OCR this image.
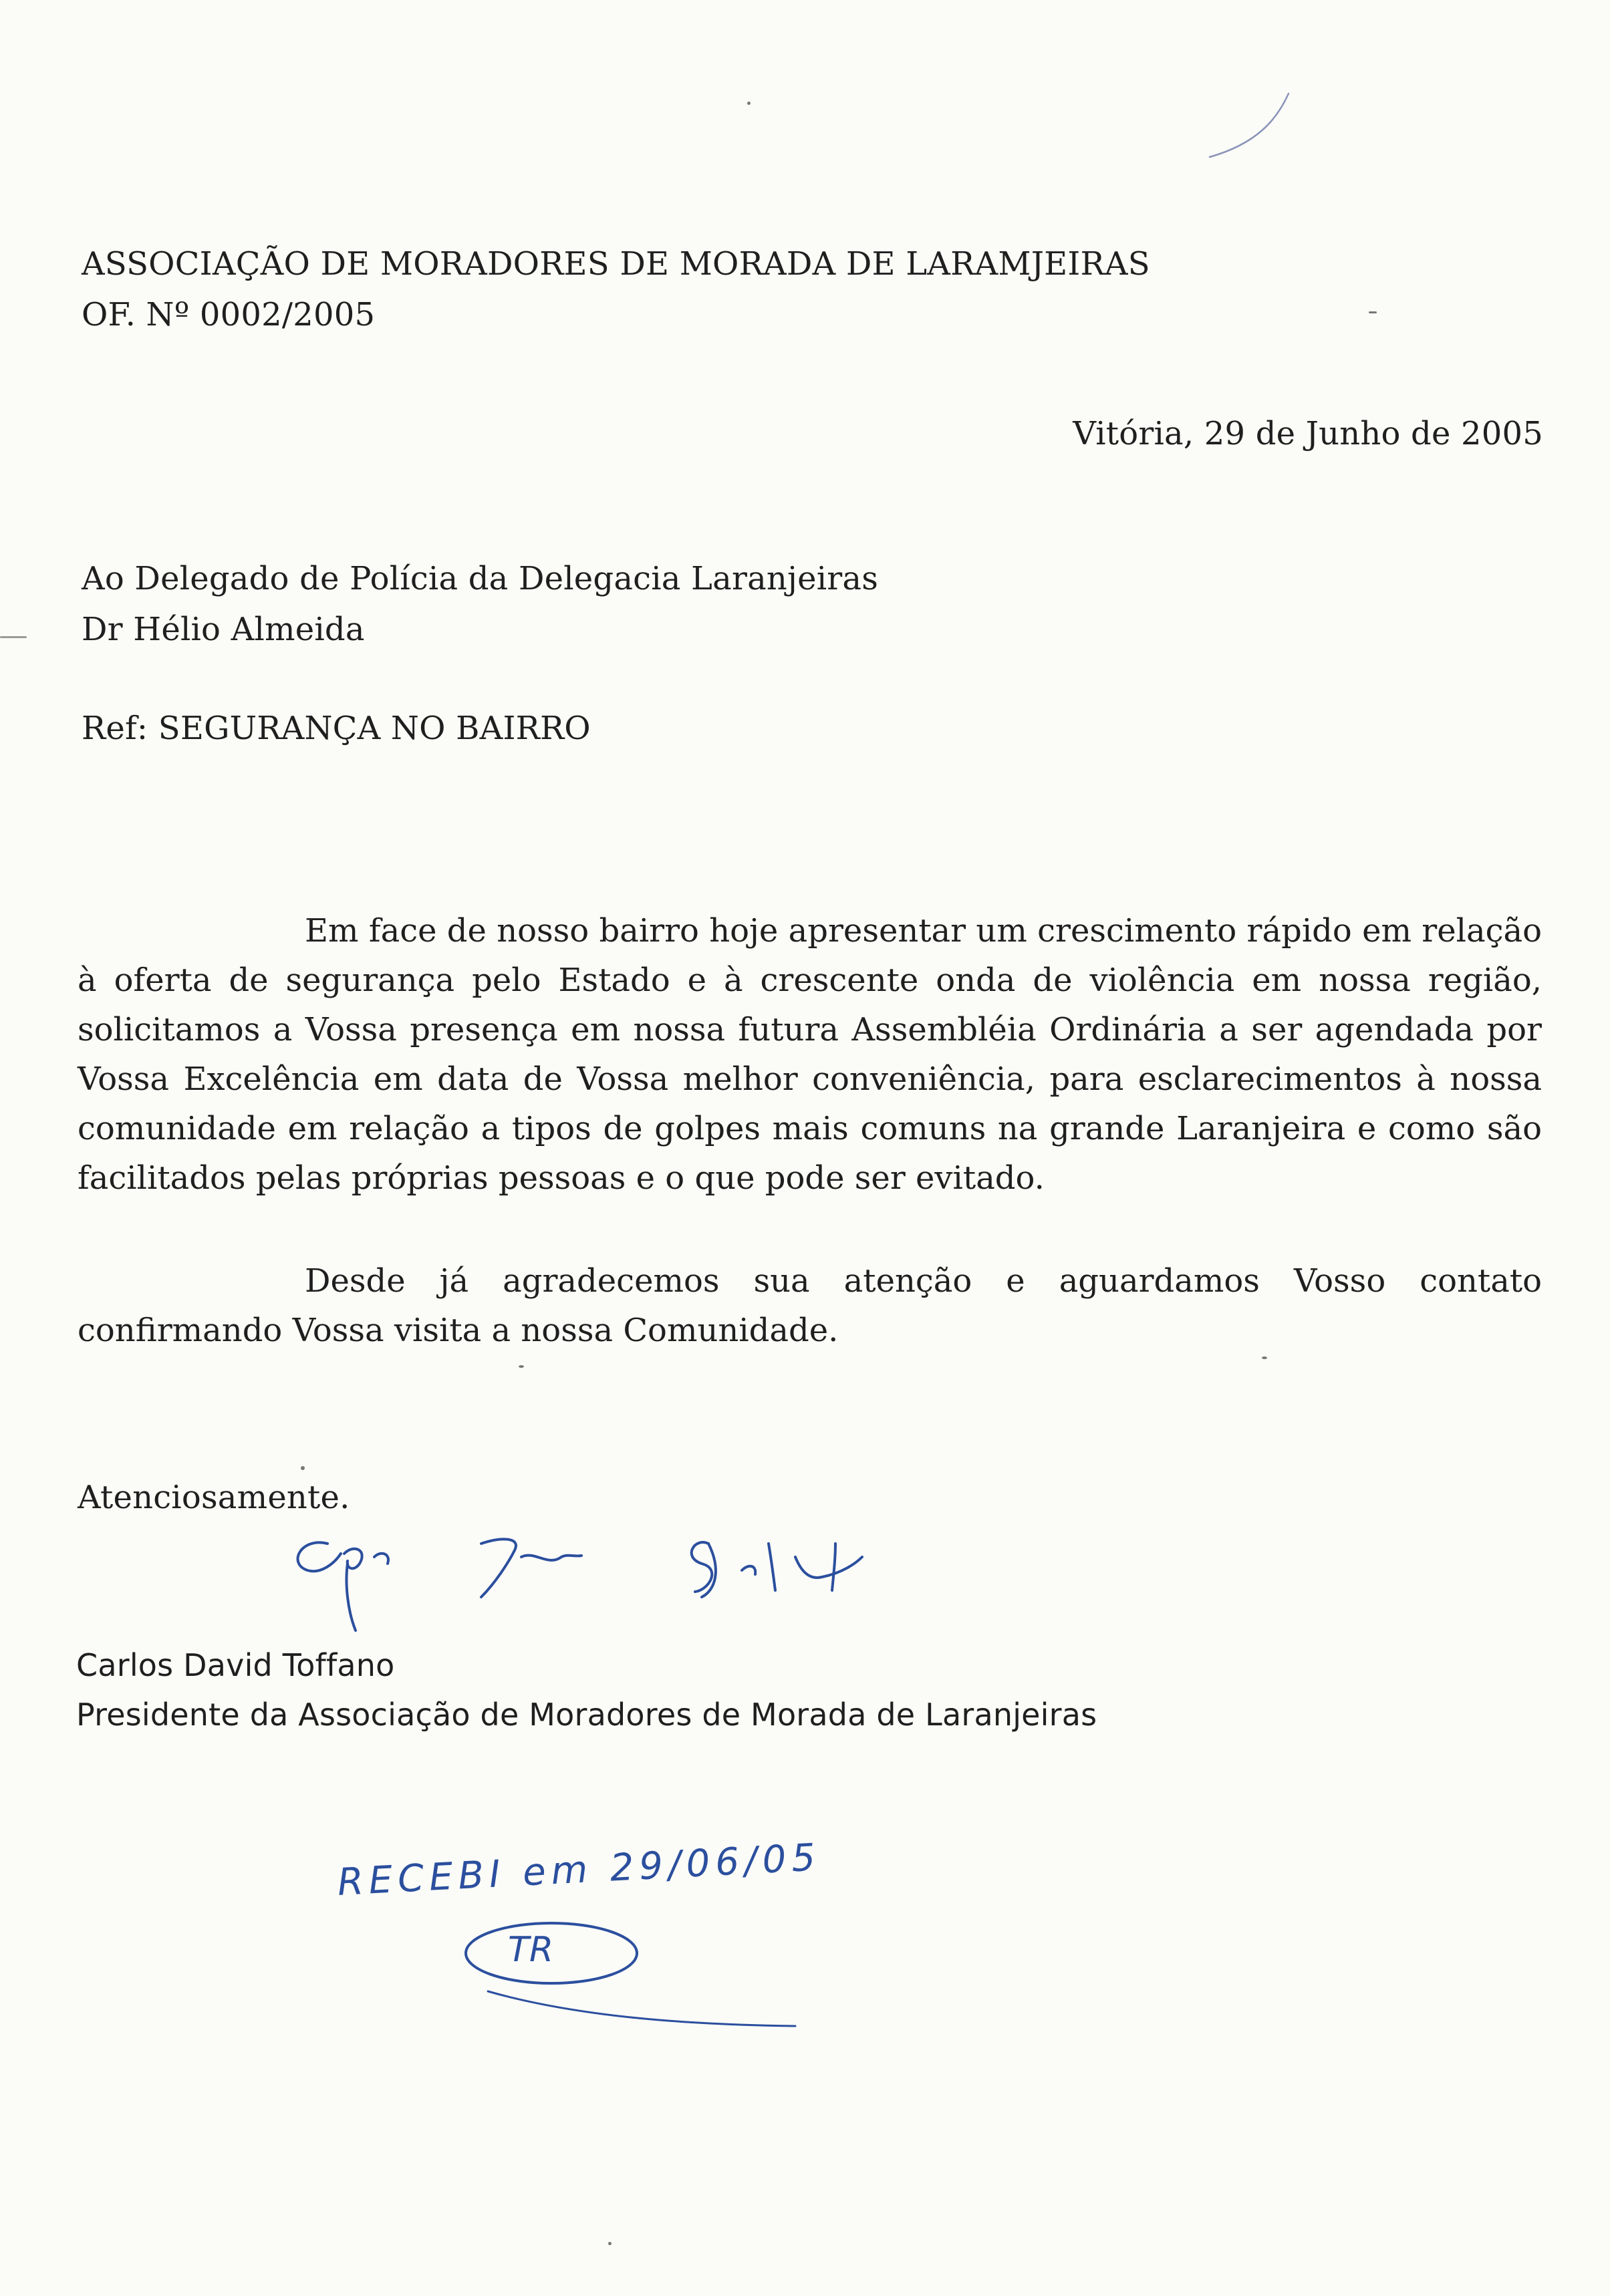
ASSOCIAÇÃO DE MORADORES DE MORADA DE LARAMJEIRAS
OF. Nº 0002/2005
Vitória, 29 de Junho de 2005
Ao Delegado de Polícia da Delegacia Laranjeiras
Dr Hélio Almeida
Ref: SEGURANÇA NO BAIRRO
Em face de nosso bairro hoje apresentar um crescimento rápido em relação
à oferta de segurança pelo Estado e à crescente onda de violência em nossa região,
solicitamos a Vossa presença em nossa futura Assembléia Ordinária a ser agendada por
Vossa Excelência em data de Vossa melhor conveniência, para esclarecimentos à nossa
comunidade em relação a tipos de golpes mais comuns na grande Laranjeira e como são
facilitados pelas próprias pessoas e o que pode ser evitado.
Desde já agradecemos sua atenção e aguardamos Vosso contato
confirmando Vossa visita a nossa Comunidade.
Atenciosamente.
Carlos David Toffano
Presidente da Associação de Moradores de Morada de Laranjeiras
RECEBI em 29/06/05
TR
